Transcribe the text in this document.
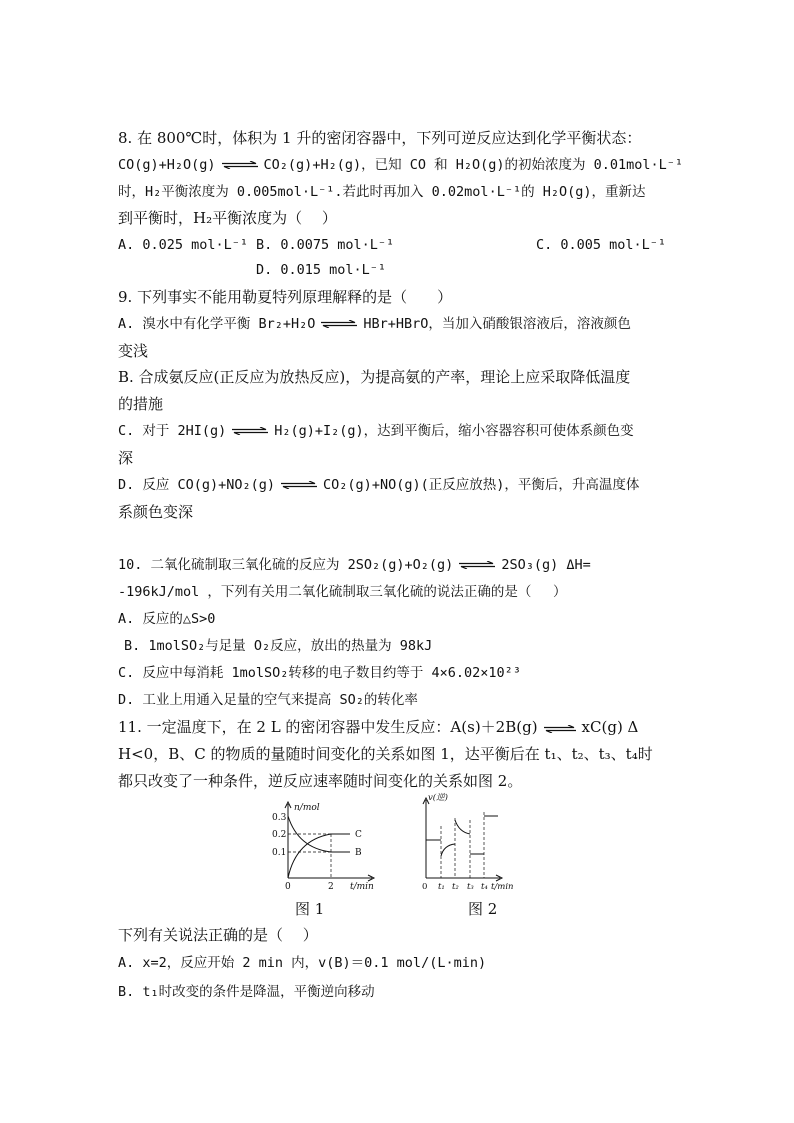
8. 在 800℃时，体积为 1 升的密闭容器中，下列可逆反应达到化学平衡状态：
CO(g)+H₂O(g) ⇌ CO₂(g)+H₂(g)，已知 CO 和 H₂O(g)的初始浓度为 0.01mol·L⁻¹
时，H₂平衡浓度为 0.005mol·L⁻¹.若此时再加入 0.02mol·L⁻¹的 H₂O(g)，重新达
到平衡时，H₂平衡浓度为（　 ）
A. 0.025 mol·L⁻¹ B. 0.0075 mol·L⁻¹	C. 0.005 mol·L⁻¹
D. 0.015 mol·L⁻¹
9. 下列事实不能用勒夏特列原理解释的是（　　）
A. 溴水中有化学平衡 Br₂+H₂O ⇌ HBr+HBrO，当加入硝酸银溶液后，溶液颜色
变浅
B. 合成氨反应(正反应为放热反应)，为提高氨的产率，理论上应采取降低温度
的措施
C. 对于 2HI(g) ⇌ H₂(g)+I₂(g)，达到平衡后，缩小容器容积可使体系颜色变
深
D. 反应 CO(g)+NO₂(g) ⇌ CO₂(g)+NO(g)(正反应放热)，平衡后，升高温度体
系颜色变深
10. 二氧化硫制取三氧化硫的反应为 2SO₂(g)+O₂(g) ⇌ 2SO₃(g) ΔH=
-196kJ/mol ，下列有关用二氧化硫制取三氧化硫的说法正确的是（　 ）
A. 反应的△S>0
B. 1molSO₂与足量 O₂反应，放出的热量为 98kJ
C. 反应中每消耗 1molSO₂转移的电子数目约等于 4×6.02×10²³
D. 工业上用通入足量的空气来提高 SO₂的转化率
11. 一定温度下，在 2 L 的密闭容器中发生反应：A(s)＋2B(g) ⇌ xC(g) Δ
H<0，B、C 的物质的量随时间变化的关系如图 1，达平衡后在 t₁、t₂、t₃、t₄时
都只改变了一种条件，逆反应速率随时间变化的关系如图 2。
n/mol
t/min
0.3
0.2
0.1
0	2
C
B
v(逆)
t/min
0 t₁ t₂ t₃ t₄
图 1	图 2
下列有关说法正确的是（　 ）
A. x=2，反应开始 2 min 内，v(B)＝0.1 mol/(L·min)
B. t₁时改变的条件是降温，平衡逆向移动
